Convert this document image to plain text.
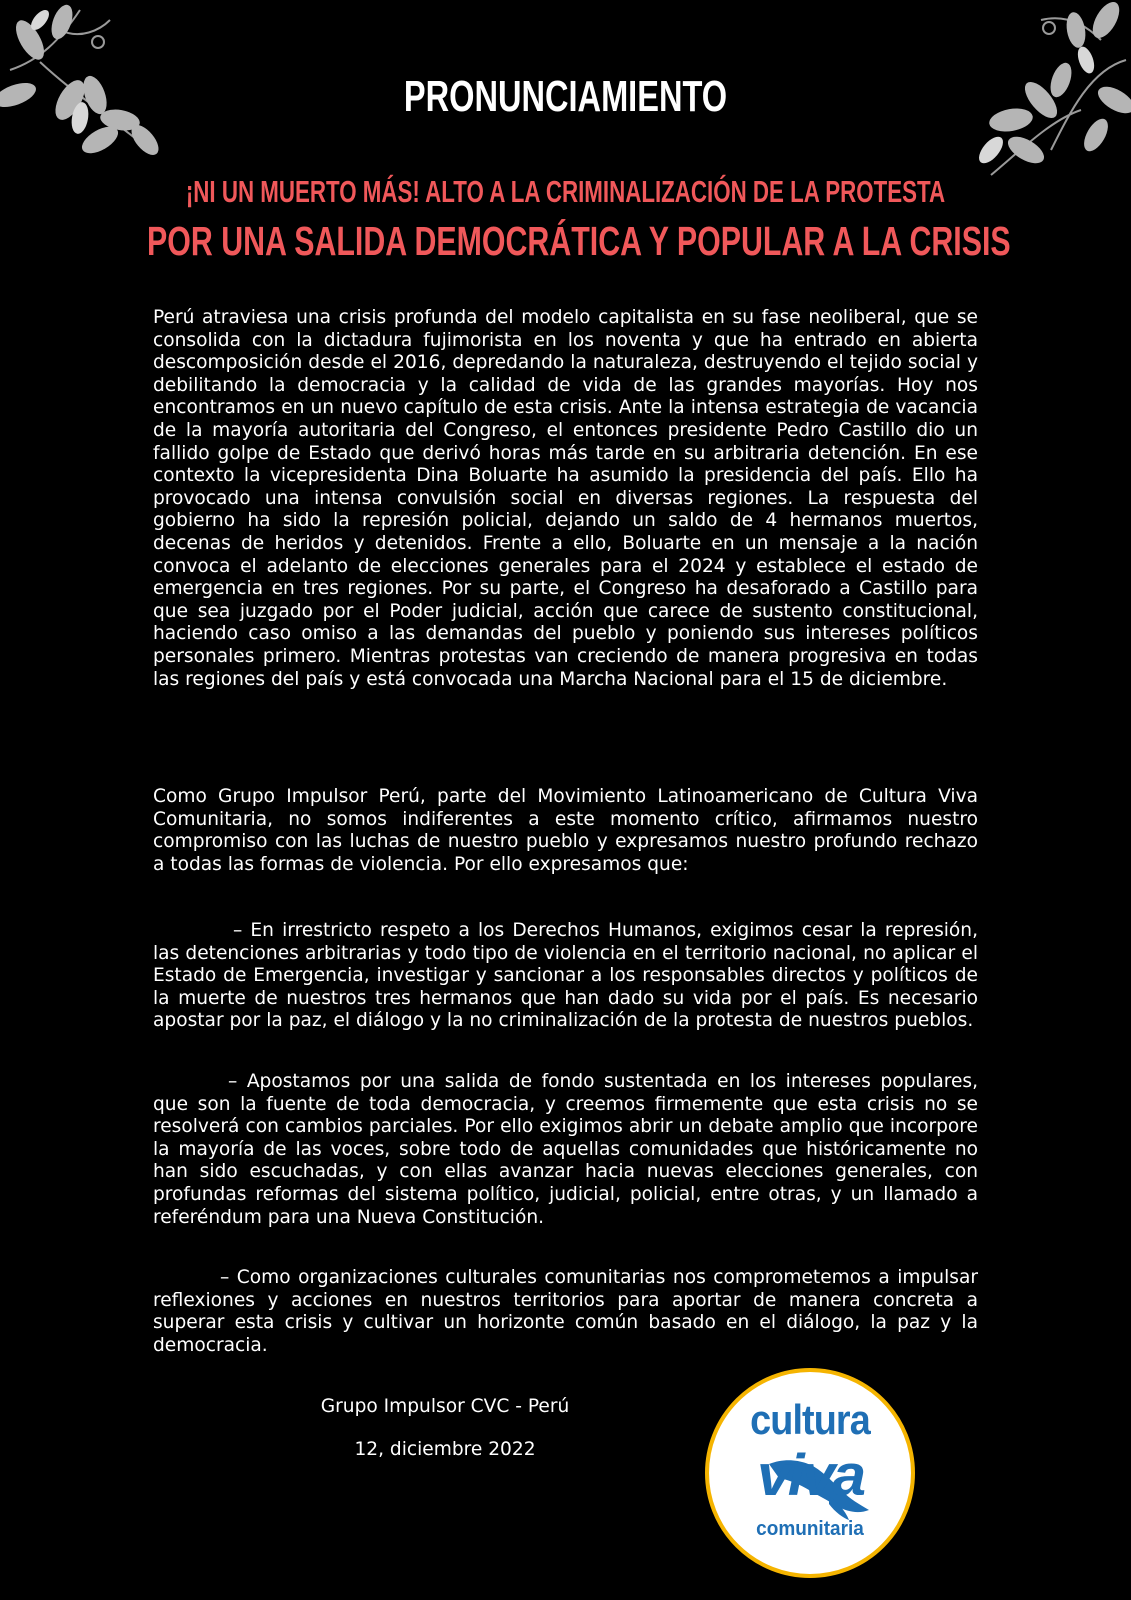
PRONUNCIAMIENTO
¡NI UN MUERTO MÁS! ALTO A LA CRIMINALIZACIÓN DE LA PROTESTA
POR UNA SALIDA DEMOCRÁTICA Y POPULAR A LA CRISIS

Perú atraviesa una crisis profunda del modelo capitalista en su fase neoliberal, que se consolida con la dictadura fujimorista en los noventa y que ha entrado en abierta descomposición desde el 2016, depredando la naturaleza, destruyendo el tejido social y debilitando la democracia y la calidad de vida de las grandes mayorías. Hoy nos encontramos en un nuevo capítulo de esta crisis. Ante la intensa estrategia de vacancia de la mayoría autoritaria del Congreso, el entonces presidente Pedro Castillo dio un fallido golpe de Estado que derivó horas más tarde en su arbitraria detención. En ese contexto la vicepresidenta Dina Boluarte ha asumido la presidencia del país. Ello ha provocado una intensa convulsión social en diversas regiones. La respuesta del gobierno ha sido la represión policial, dejando un saldo de 4 hermanos muertos, decenas de heridos y detenidos. Frente a ello, Boluarte en un mensaje a la nación convoca el adelanto de elecciones generales para el 2024 y establece el estado de emergencia en tres regiones. Por su parte, el Congreso ha desaforado a Castillo para que sea juzgado por el Poder judicial, acción que carece de sustento constitucional, haciendo caso omiso a las demandas del pueblo y poniendo sus intereses políticos personales primero. Mientras protestas van creciendo de manera progresiva en todas las regiones del país y está convocada una Marcha Nacional para el 15 de diciembre.

Como Grupo Impulsor Perú, parte del Movimiento Latinoamericano de Cultura Viva Comunitaria, no somos indiferentes a este momento crítico, afirmamos nuestro compromiso con las luchas de nuestro pueblo y expresamos nuestro profundo rechazo a todas las formas de violencia. Por ello expresamos que:

– En irrestricto respeto a los Derechos Humanos, exigimos cesar la represión, las detenciones arbitrarias y todo tipo de violencia en el territorio nacional, no aplicar el Estado de Emergencia, investigar y sancionar a los responsables directos y políticos de la muerte de nuestros tres hermanos que han dado su vida por el país. Es necesario apostar por la paz, el diálogo y la no criminalización de la protesta de nuestros pueblos.

– Apostamos por una salida de fondo sustentada en los intereses populares, que son la fuente de toda democracia, y creemos firmemente que esta crisis no se resolverá con cambios parciales. Por ello exigimos abrir un debate amplio que incorpore la mayoría de las voces, sobre todo de aquellas comunidades que históricamente no han sido escuchadas, y con ellas avanzar hacia nuevas elecciones generales, con profundas reformas del sistema político, judicial, policial, entre otras, y un llamado a referéndum para una Nueva Constitución.

– Como organizaciones culturales comunitarias nos comprometemos a impulsar reflexiones y acciones en nuestros territorios para aportar de manera concreta a superar esta crisis y cultivar un horizonte común basado en el diálogo, la paz y la democracia.

Grupo Impulsor CVC - Perú
12, diciembre 2022
cultura
viva
comunitaria
